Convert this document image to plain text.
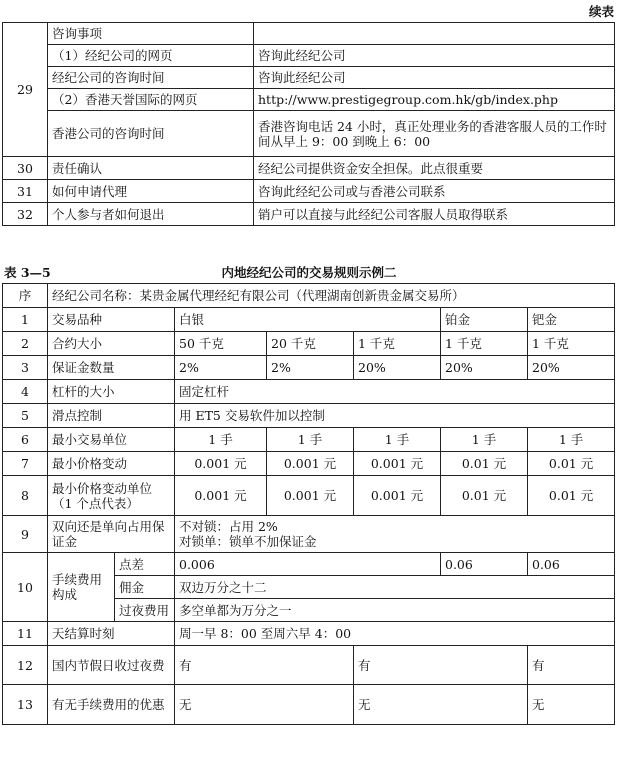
续表
29	咨询事项	
	（1）经纪公司的网页	咨询此经纪公司
	经纪公司的咨询时间	咨询此经纪公司
	（2）香港天誉国际的网页	http://www.prestigegroup.com.hk/gb/index.php
	香港公司的咨询时间	香港咨询电话 24 小时，真正处理业务的香港客服人员的工作时间从早上 9：00 到晚上 6：00
30	责任确认	经纪公司提供资金安全担保。此点很重要
31	如何申请代理	咨询此经纪公司或与香港公司联系
32	个人参与者如何退出	销户可以直接与此经纪公司客服人员取得联系
表 3—5	内地经纪公司的交易规则示例二
序	经纪公司名称：某贵金属代理经纪有限公司（代理湖南创新贵金属交易所）						
1	交易品种		白银			铂金	钯金
2	合约大小		50 千克	20 千克	1 千克	1 千克	1 千克
3	保证金数量		2%	2%	20%	20%	20%
4	杠杆的大小		固定杠杆				
5	滑点控制		用 ET5 交易软件加以控制				
6	最小交易单位		1 手	1 手	1 手	1 手	1 手
7	最小价格变动		0.001 元	0.001 元	0.001 元	0.01 元	0.01 元
8	最小价格变动单位（1 个点代表）		0.001 元	0.001 元	0.001 元	0.01 元	0.01 元
9	双向还是单向占用保证金		不对锁：占用 2%
对锁单：锁单不加保证金				

10	手续费用构成	点差	0.006			0.06	0.06
		佣金	双边万分之十二				
		过夜费用	多空单都为万分之一				
11	天结算时刻		周一早 8：00 至周六早 4：00				
12	国内节假日收过夜费		有		有		有
13	有无手续费用的优惠		无		无		无
